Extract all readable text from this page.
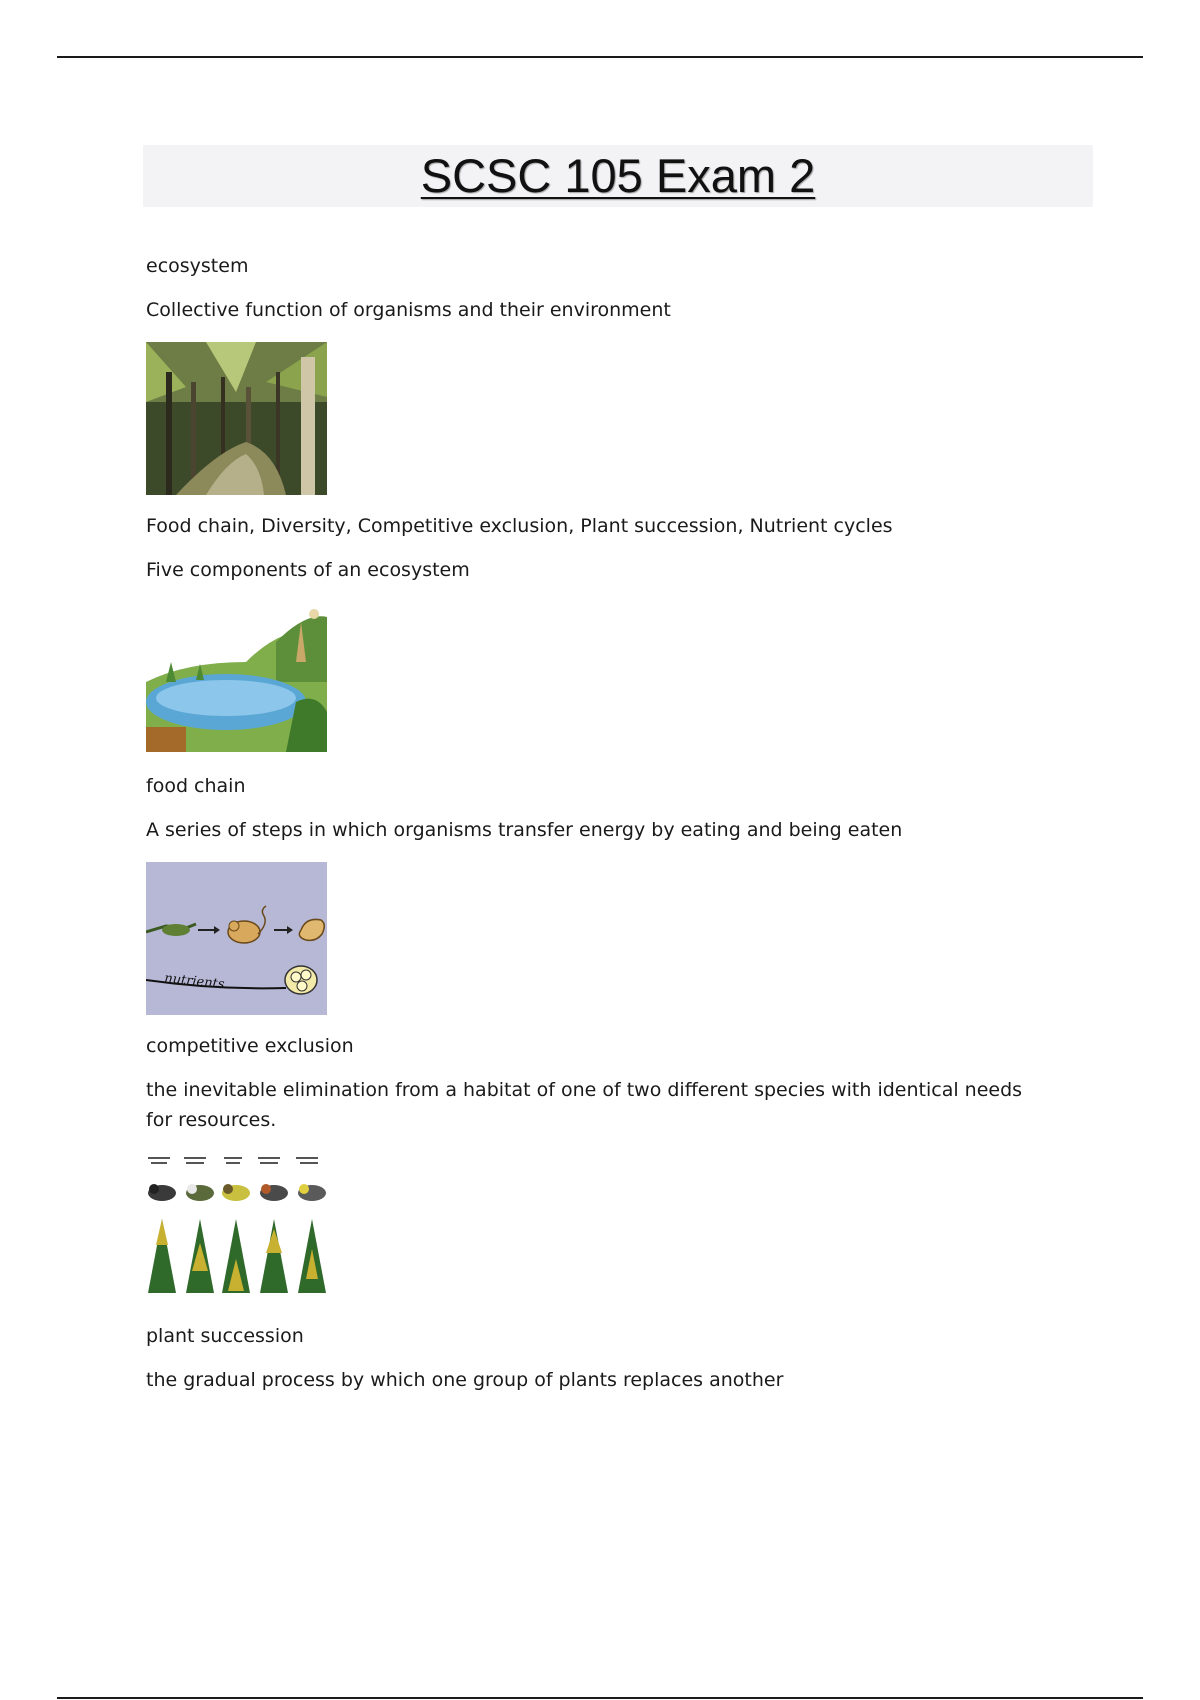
SCSC 105 Exam 2
ecosystem
Collective function of organisms and their environment
Food chain, Diversity, Competitive exclusion, Plant succession, Nutrient cycles
Five components of an ecosystem
food chain
A series of steps in which organisms transfer energy by eating and being eaten
nutrients
competitive exclusion
the inevitable elimination from a habitat of one of two different species with identical needs for resources.
plant succession
the gradual process by which one group of plants replaces another
